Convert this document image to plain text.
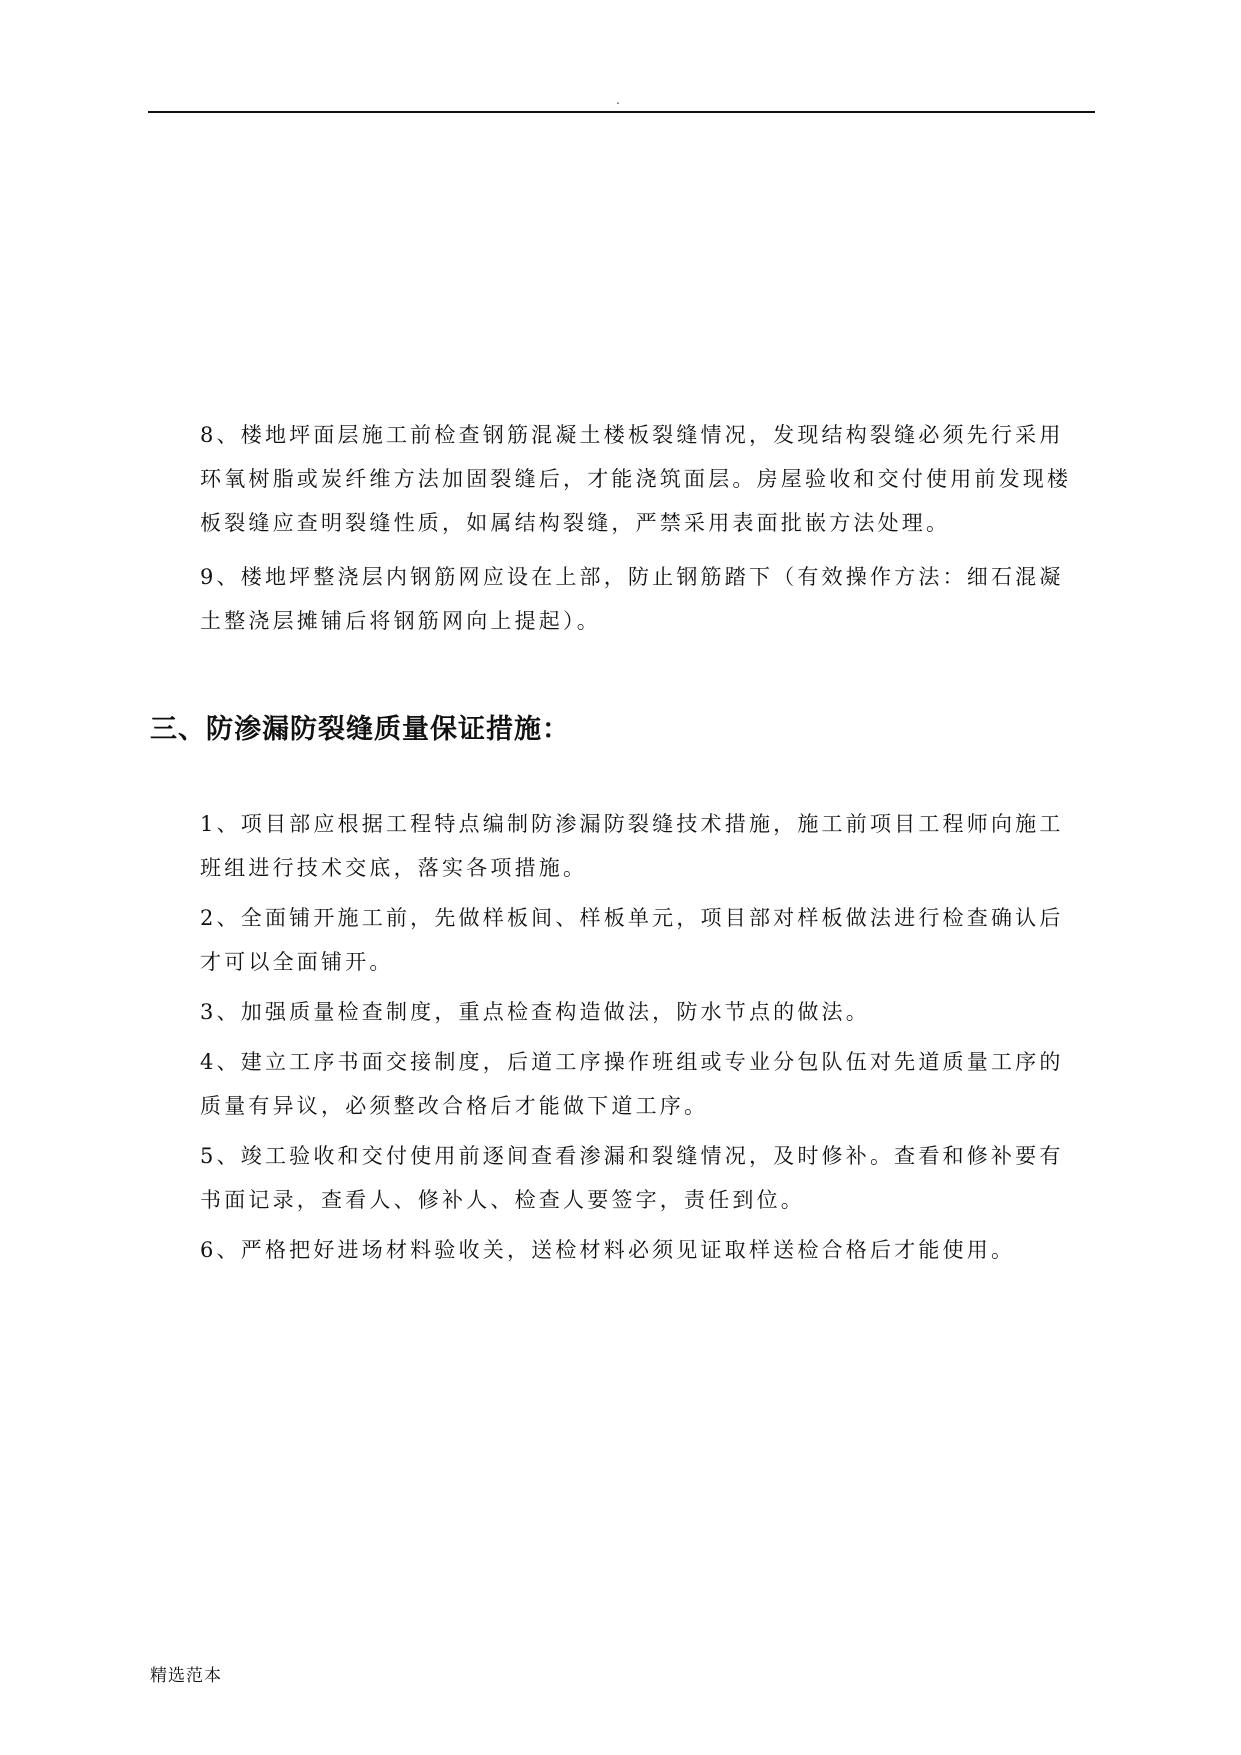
.

8、楼地坪面层施工前检查钢筋混凝土楼板裂缝情况，发现结构裂缝必须先行采用
环氧树脂或炭纤维方法加固裂缝后，才能浇筑面层。房屋验收和交付使用前发现楼
板裂缝应查明裂缝性质，如属结构裂缝，严禁采用表面批嵌方法处理。

9、楼地坪整浇层内钢筋网应设在上部，防止钢筋踏下（有效操作方法：细石混凝
土整浇层摊铺后将钢筋网向上提起）。

三、防渗漏防裂缝质量保证措施：

1、项目部应根据工程特点编制防渗漏防裂缝技术措施，施工前项目工程师向施工
班组进行技术交底，落实各项措施。

2、全面铺开施工前，先做样板间、样板单元，项目部对样板做法进行检查确认后
才可以全面铺开。

3、加强质量检查制度，重点检查构造做法，防水节点的做法。

4、建立工序书面交接制度，后道工序操作班组或专业分包队伍对先道质量工序的
质量有异议，必须整改合格后才能做下道工序。

5、竣工验收和交付使用前逐间查看渗漏和裂缝情况，及时修补。查看和修补要有
书面记录，查看人、修补人、检查人要签字，责任到位。

6、严格把好进场材料验收关，送检材料必须见证取样送检合格后才能使用。

精选范本
